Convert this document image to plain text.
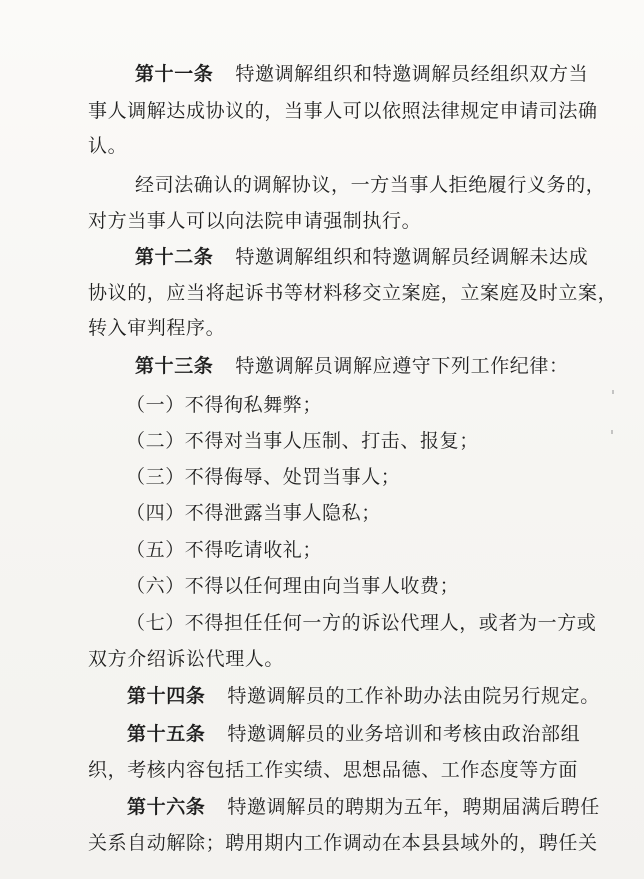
第十一条 特邀调解组织和特邀调解员经组织双方当
事人调解达成协议的，当事人可以依照法律规定申请司法确
认。
经司法确认的调解协议，一方当事人拒绝履行义务的，
对方当事人可以向法院申请强制执行。
第十二条 特邀调解组织和特邀调解员经调解未达成
协议的，应当将起诉书等材料移交立案庭，立案庭及时立案，
转入审判程序。
第十三条 特邀调解员调解应遵守下列工作纪律：
（一）不得徇私舞弊；
（二）不得对当事人压制、打击、报复；
（三）不得侮辱、处罚当事人；
（四）不得泄露当事人隐私；
（五）不得吃请收礼；
（六）不得以任何理由向当事人收费；
（七）不得担任任何一方的诉讼代理人，或者为一方或
双方介绍诉讼代理人。
第十四条 特邀调解员的工作补助办法由院另行规定。
第十五条 特邀调解员的业务培训和考核由政治部组
织，考核内容包括工作实绩、思想品德、工作态度等方面
第十六条 特邀调解员的聘期为五年，聘期届满后聘任
关系自动解除；聘用期内工作调动在本县县域外的，聘任关
